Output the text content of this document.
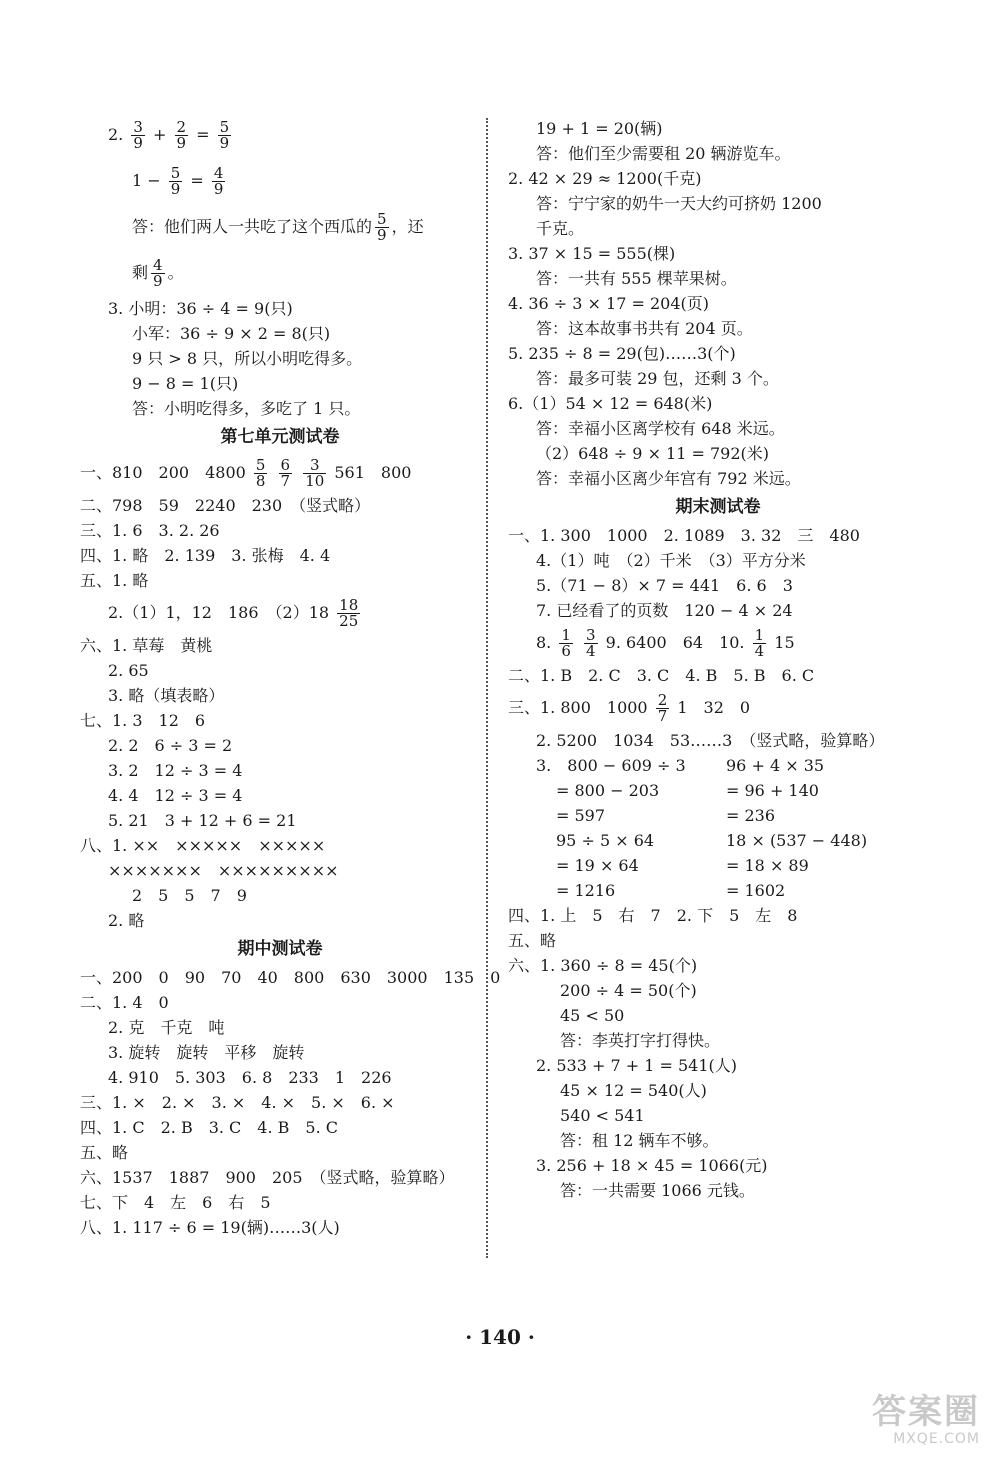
2. $\frac{3}{9} + \frac{2}{9} = \frac{5}{9}$
$1 - \frac{5}{9} = \frac{4}{9}$
答：他们两人一共吃了这个西瓜的 $\frac{5}{9}$ ，还
剩 $\frac{4}{9}$ 。
3. 小明：36 ÷ 4 = 9(只)
小军：36 ÷ 9 × 2 = 8(只)
9 只 > 8 只，所以小明吃得多。
9 − 8 = 1(只)
答：小明吃得多，多吃了 1 只。
第七单元测试卷
一、810　200　$4800 \frac{5}{8}$
$\frac{6}{7}$
$\frac{3}{10} 561$　800
二、798　59　2240　230　（竖式略）
三、1. 6　3. 2. 26
四、1. 略　2. 139　3. 张梅　4. 4
五、1. 略
2.（1）1，12　186　$(2)18 \frac{18}{25}$
六、1. 草莓　黄桃
2. 65
3. 略（填表略）
七、1. 3　12　6
2. 2　6 ÷ 3 = 2
3. 2　12 ÷ 3 = 4
4. 4　12 ÷ 3 = 4
5. 21　3 + 12 + 6 = 21
八、1. ××　×××××　×××××
×××××××　×××××××××
2　5　5　7　9
2. 略
期中测试卷
一、200　0　90　70　40　800　630　3000　135　0
二、1. 4　0
2. 克　千克　吨
3. 旋转　旋转　平移　旋转
4. 910　5. 303　6. 8　233　1　226
三、1. ×　2. ×　3. ×　4. ×　5. ×　6. ×
四、1. C　2. B　3. C　4. B　5. C
五、略
六、1537　1887　900　205　（竖式略，验算略）
七、下　4　左　6　右　5
八、1. 117 ÷ 6 = 19(辆)……3(人)
19 + 1 = 20(辆)
答：他们至少需要租 20 辆游览车。
2. 42 × 29 ≈ 1200(千克)
答：宁宁家的奶牛一天大约可挤奶 1200
千克。
3. 37 × 15 = 555(棵)
答：一共有 555 棵苹果树。
4. 36 ÷ 3 × 17 = 204(页)
答：这本故事书共有 204 页。
5. 235 ÷ 8 = 29(包)……3(个)
答：最多可装 29 包，还剩 3 个。
6.（1）54 × 12 = 648(米)
答：幸福小区离学校有 648 米远。
（2）648 ÷ 9 × 11 = 792(米)
答：幸福小区离少年宫有 792 米远。
期末测试卷
一、1. 300　1000　2. 1089　3. 32　三　480
4.（1）吨　（2）千米　（3）平方分米
5.（71 − 8）× 7 = 441　6. 6　3
7. 已经看了的页数　120 − 4 × 24
8. $\frac{1}{6}$
$\frac{3}{4} 9$. 6400　64　10. $\frac{1}{4} 15$
二、1. B　2. C　3. C　4. B　5. B　6. C
三、1. 800　$1000 \frac{2}{7} 1$　32　0
2. 5200　1034　53……3　（竖式略，验算略）
3.　800 − 609 ÷ 3	96 + 4 × 35
= 800 − 203	= 96 + 140
= 597	= 236
95 ÷ 5 × 64	18 × (537 − 448)
= 19 × 64	= 18 × 89
= 1216	= 1602
四、1. 上　5　右　7　2. 下　5　左　8
五、略
六、1. 360 ÷ 8 = 45(个)
200 ÷ 4 = 50(个)
45 < 50
答：李英打字打得快。
2. 533 + 7 + 1 = 541(人)
45 × 12 = 540(人)
540 < 541
答：租 12 辆车不够。
3. 256 + 18 × 45 = 1066(元)
答：一共需要 1066 元钱。
· 140 ·
答案圈
MXQE.COM
